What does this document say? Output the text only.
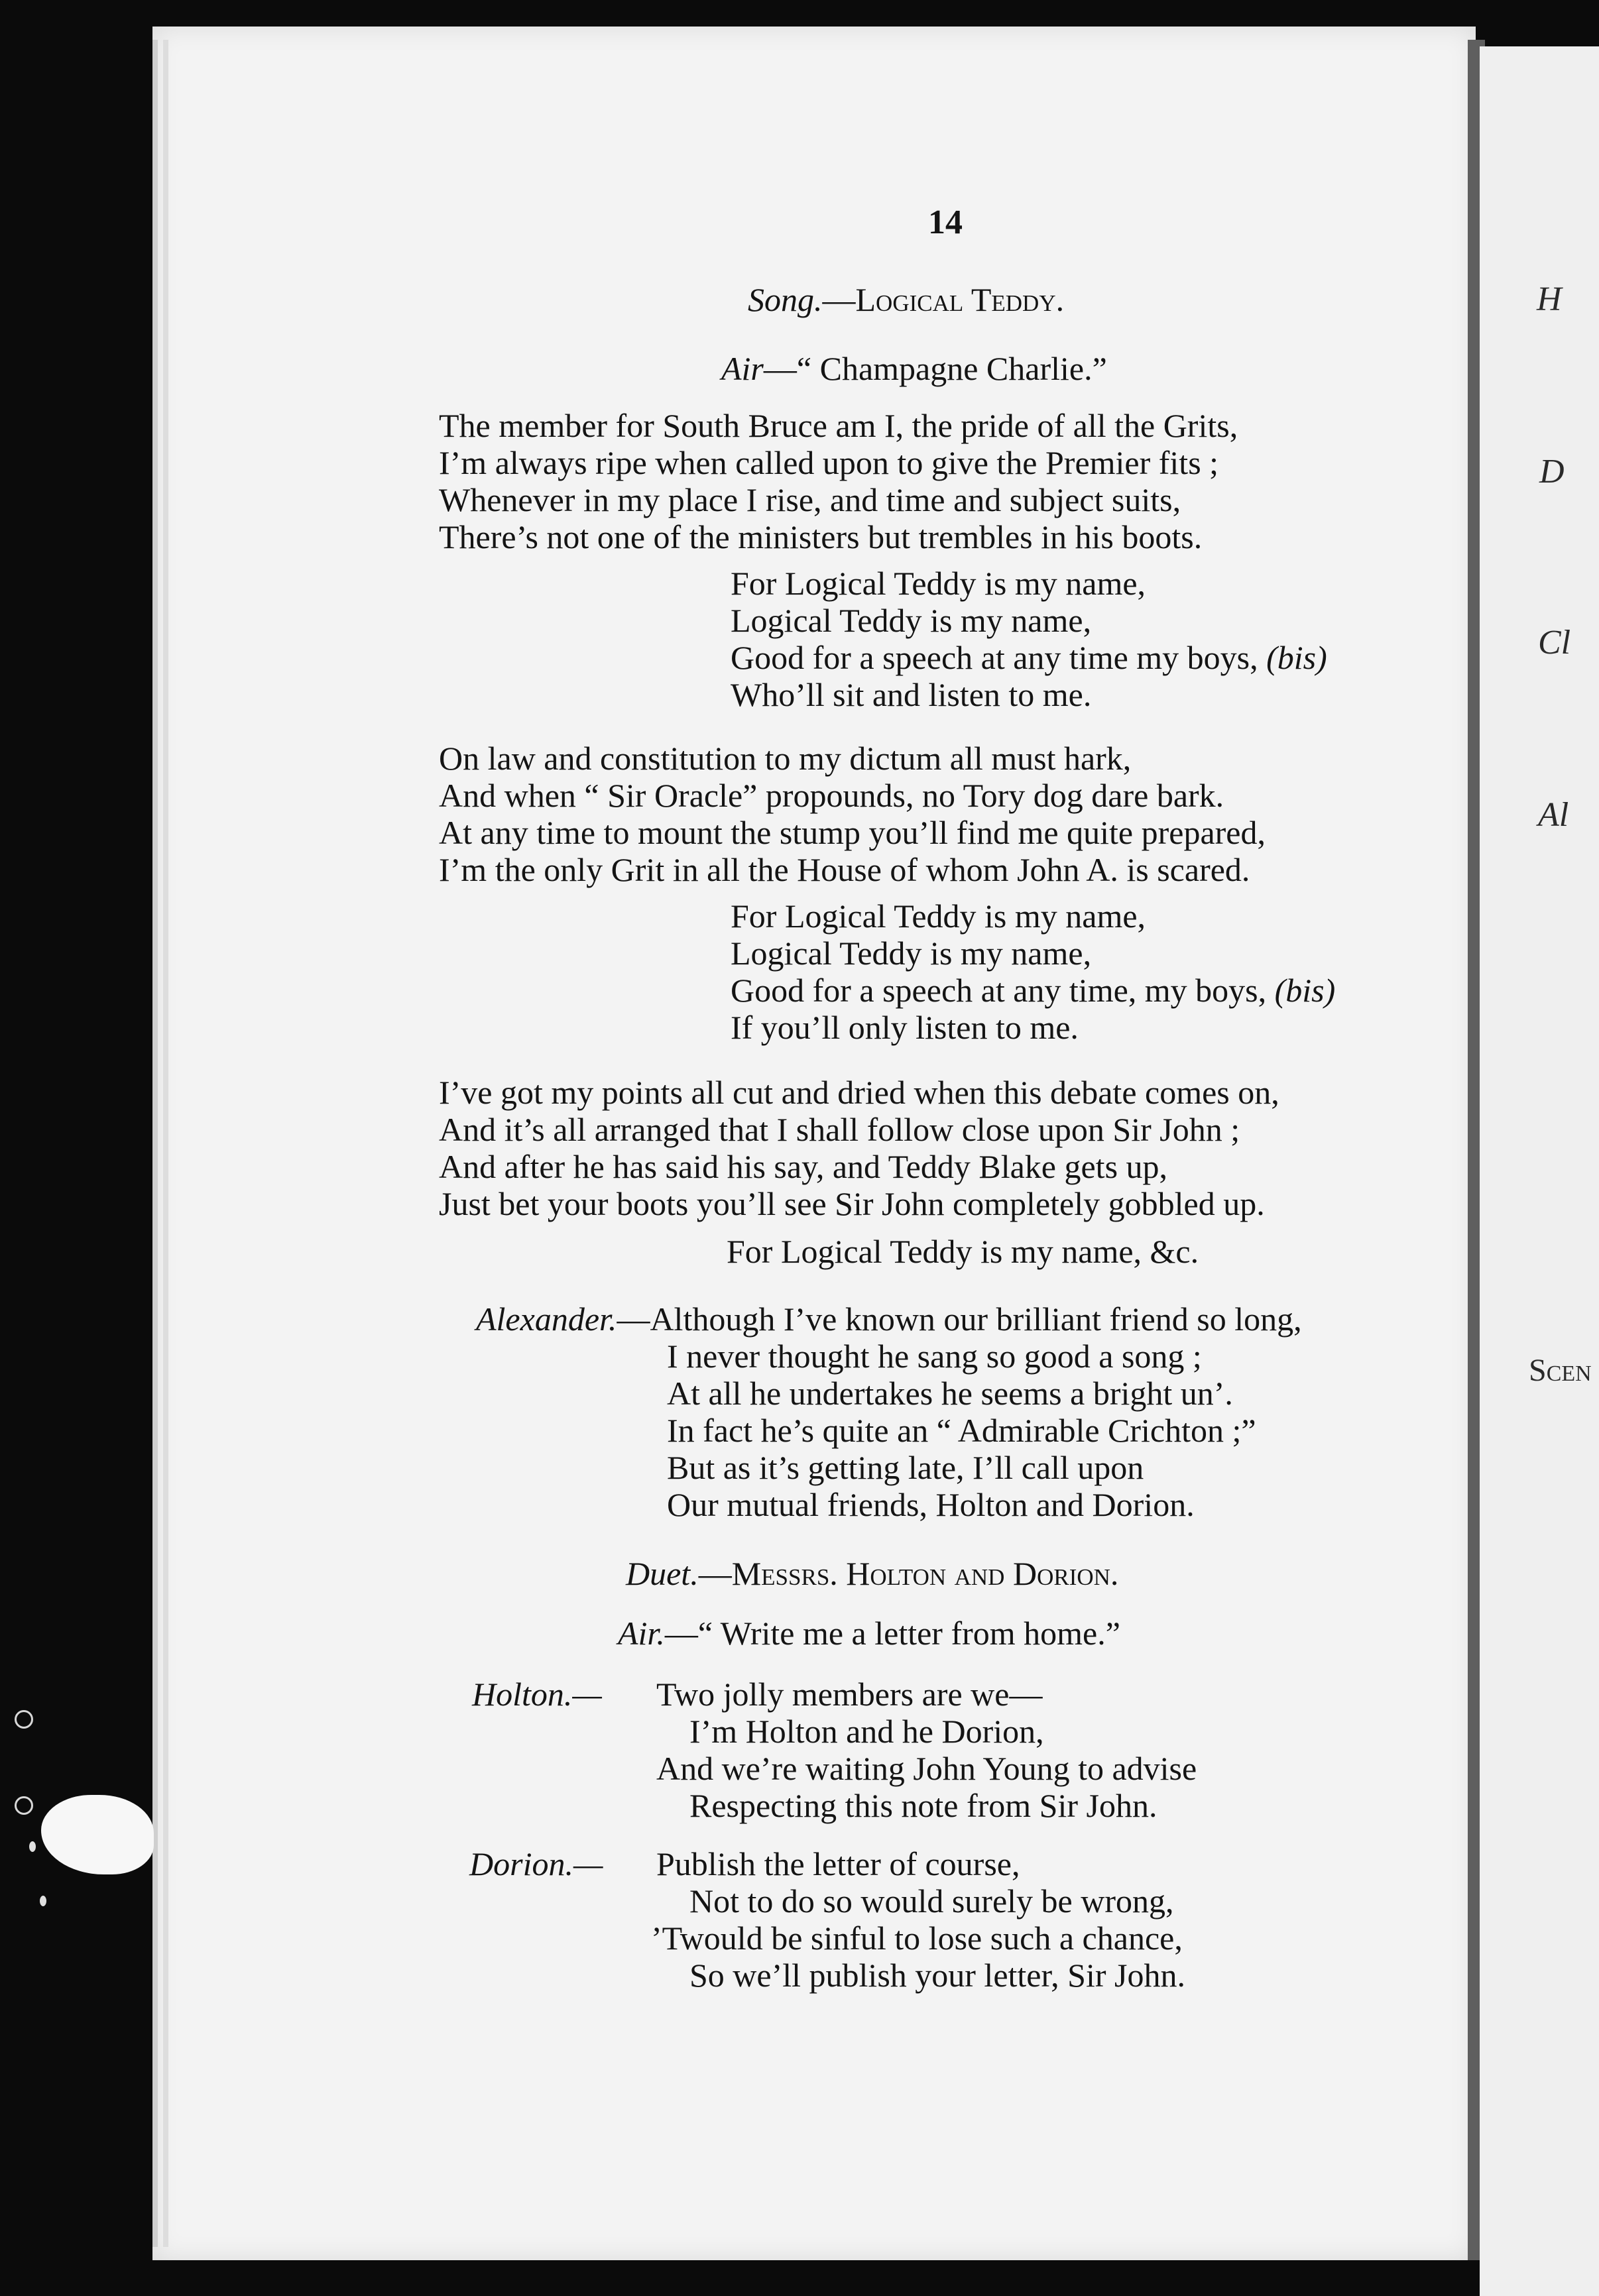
H
D
Cl
Al
Scen
14
Song.—Logical Teddy.
Air—“ Champagne Charlie.”
The member for South Bruce am I, the pride of all the Grits,
I’m always ripe when called upon to give the Premier fits ;
Whenever in my place I rise, and time and subject suits,
There’s not one of the ministers but trembles in his boots.
For Logical Teddy is my name,
Logical Teddy is my name,
Good for a speech at any time my boys, (bis)
Who’ll sit and listen to me.
On law and constitution to my dictum all must hark,
And when “ Sir Oracle” propounds, no Tory dog dare bark.
At any time to mount the stump you’ll find me quite prepared,
I’m the only Grit in all the House of whom John A. is scared.
For Logical Teddy is my name,
Logical Teddy is my name,
Good for a speech at any time, my boys, (bis)
If you’ll only listen to me.
I’ve got my points all cut and dried when this debate comes on,
And it’s all arranged that I shall follow close upon Sir John ;
And after he has said his say, and Teddy Blake gets up,
Just bet your boots you’ll see Sir John completely gobbled up.
For Logical Teddy is my name, &c.
Alexander.—Although I’ve known our brilliant friend so long,
I never thought he sang so good a song ;
At all he undertakes he seems a bright un’.
In fact he’s quite an “ Admirable Crichton ;”
But as it’s getting late, I’ll call upon
Our mutual friends, Holton and Dorion.
Duet.—Messrs. Holton and Dorion.
Air.—“ Write me a letter from home.”
Holton.— Two jolly members are we—
I’m Holton and he Dorion,
And we’re waiting John Young to advise
Respecting this note from Sir John.
Dorion.— Publish the letter of course,
Not to do so would surely be wrong,
’Twould be sinful to lose such a chance,
So we’ll publish your letter, Sir John.
